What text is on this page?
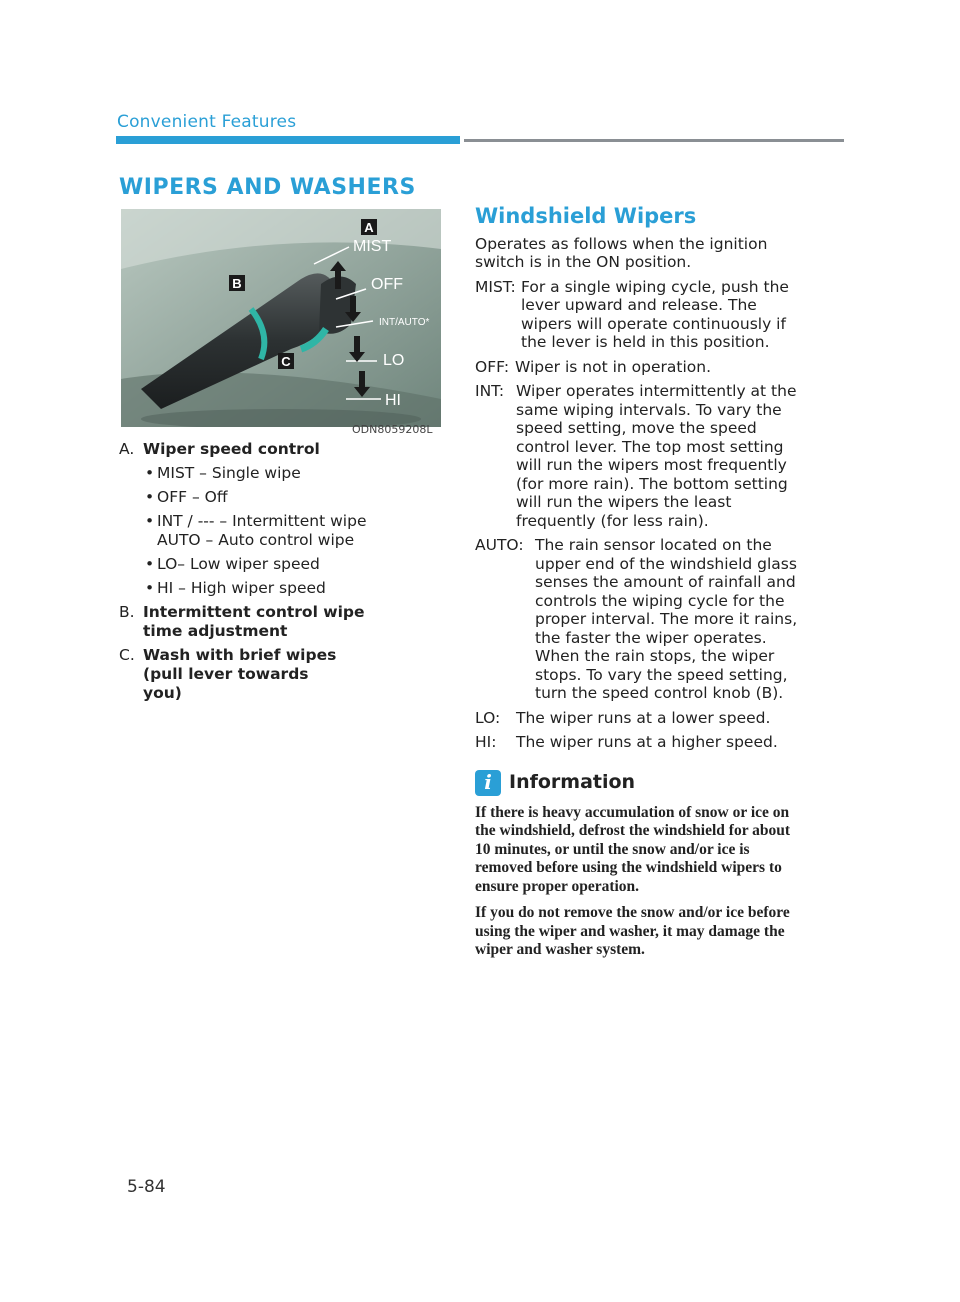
Convenient Features
WIPERS AND WASHERS
A
B
C
MIST
OFF
INT/AUTO*
LO
HI
ODN8059208L
A. Wiper speed control
• MIST – Single wipe
• OFF – Off
• INT / --- – Intermittent wipe
AUTO – Auto control wipe
• LO– Low wiper speed
• HI – High wiper speed
B. Intermittent control wipe time adjustment
C. Wash with brief wipes (pull lever towards you)
Windshield Wipers
Operates as follows when the ignition switch is in the ON position.
MIST: For a single wiping cycle, push the lever upward and release. The wipers will operate continuously if the lever is held in this position.
OFF: Wiper is not in operation.
INT: Wiper operates intermittently at the same wiping intervals. To vary the speed setting, move the speed control lever. The top most setting will run the wipers most frequently (for more rain). The bottom setting will run the wipers the least frequently (for less rain).
AUTO: The rain sensor located on the upper end of the windshield glass senses the amount of rainfall and controls the wiping cycle for the proper interval. The more it rains, the faster the wiper operates. When the rain stops, the wiper stops. To vary the speed setting, turn the speed control knob (B).
LO:	The wiper runs at a lower speed.
HI:	The wiper runs at a higher speed.
i Information
If there is heavy accumulation of snow or ice on the windshield, defrost the windshield for about 10 minutes, or until the snow and/or ice is removed before using the windshield wipers to ensure proper operation.
If you do not remove the snow and/or ice before using the wiper and washer, it may damage the wiper and washer system.
5-84
